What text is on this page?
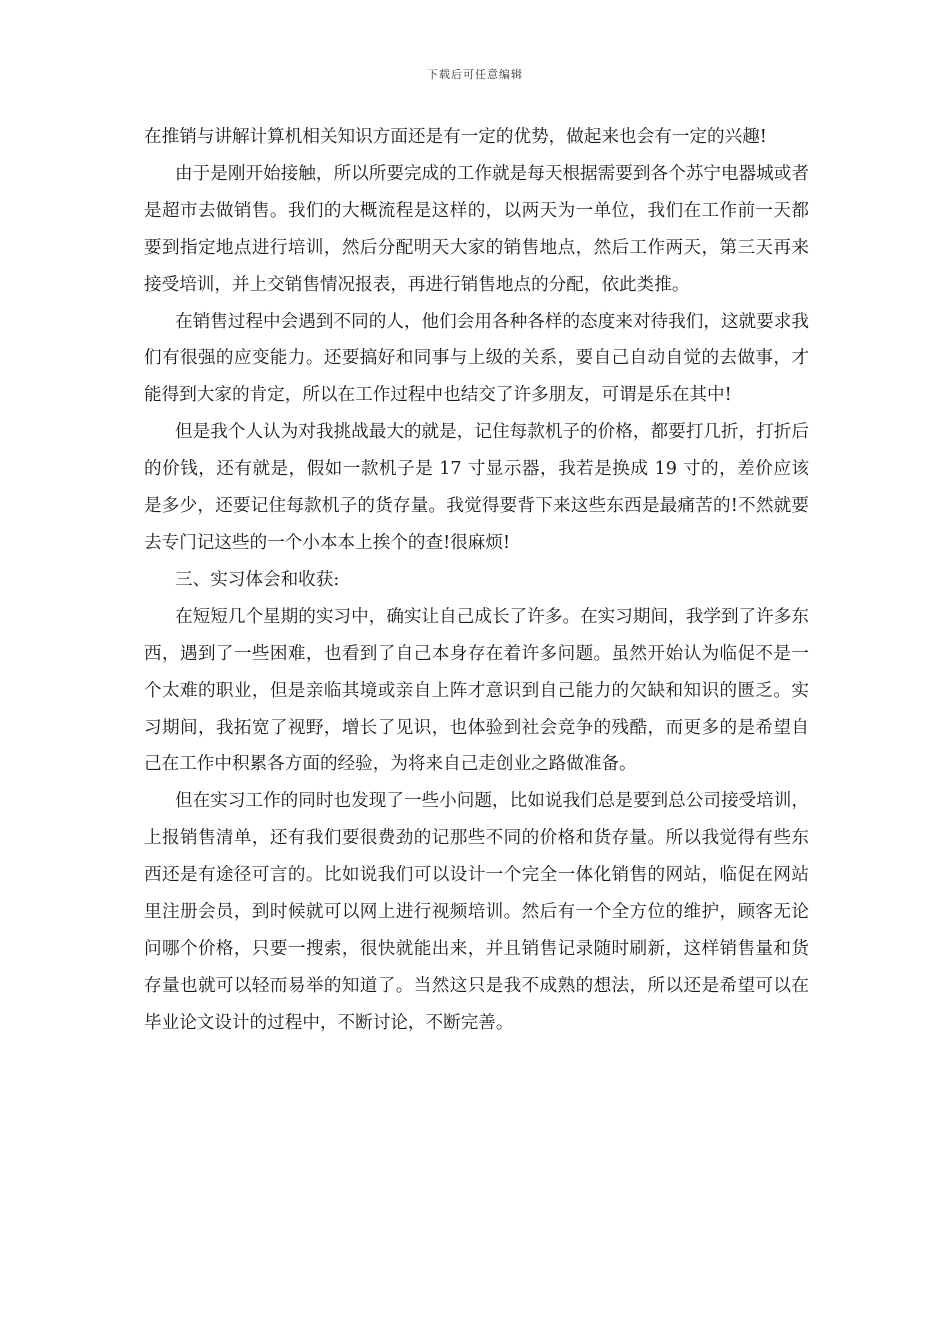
下载后可任意编辑

在推销与讲解计算机相关知识方面还是有一定的优势，做起来也会有一定的兴趣!

由于是刚开始接触，所以所要完成的工作就是每天根据需要到各个苏宁电器城或者是超市去做销售。我们的大概流程是这样的，以两天为一单位，我们在工作前一天都要到指定地点进行培训，然后分配明天大家的销售地点，然后工作两天，第三天再来接受培训，并上交销售情况报表，再进行销售地点的分配，依此类推。

在销售过程中会遇到不同的人，他们会用各种各样的态度来对待我们，这就要求我们有很强的应变能力。还要搞好和同事与上级的关系，要自己自动自觉的去做事，才能得到大家的肯定，所以在工作过程中也结交了许多朋友，可谓是乐在其中!

但是我个人认为对我挑战最大的就是，记住每款机子的价格，都要打几折，打折后的价钱，还有就是，假如一款机子是 17 寸显示器，我若是换成 19 寸的，差价应该是多少，还要记住每款机子的货存量。我觉得要背下来这些东西是最痛苦的!不然就要去专门记这些的一个小本本上挨个的查!很麻烦!

三、实习体会和收获:

在短短几个星期的实习中，确实让自己成长了许多。在实习期间，我学到了许多东西，遇到了一些困难，也看到了自己本身存在着许多问题。虽然开始认为临促不是一个太难的职业，但是亲临其境或亲自上阵才意识到自己能力的欠缺和知识的匮乏。实习期间，我拓宽了视野，增长了见识，也体验到社会竞争的残酷，而更多的是希望自己在工作中积累各方面的经验，为将来自己走创业之路做准备。

但在实习工作的同时也发现了一些小问题，比如说我们总是要到总公司接受培训，上报销售清单，还有我们要很费劲的记那些不同的价格和货存量。所以我觉得有些东西还是有途径可言的。比如说我们可以设计一个完全一体化销售的网站，临促在网站里注册会员，到时候就可以网上进行视频培训。然后有一个全方位的维护，顾客无论问哪个价格，只要一搜索，很快就能出来，并且销售记录随时刷新，这样销售量和货存量也就可以轻而易举的知道了。当然这只是我不成熟的想法，所以还是希望可以在毕业论文设计的过程中，不断讨论，不断完善。
